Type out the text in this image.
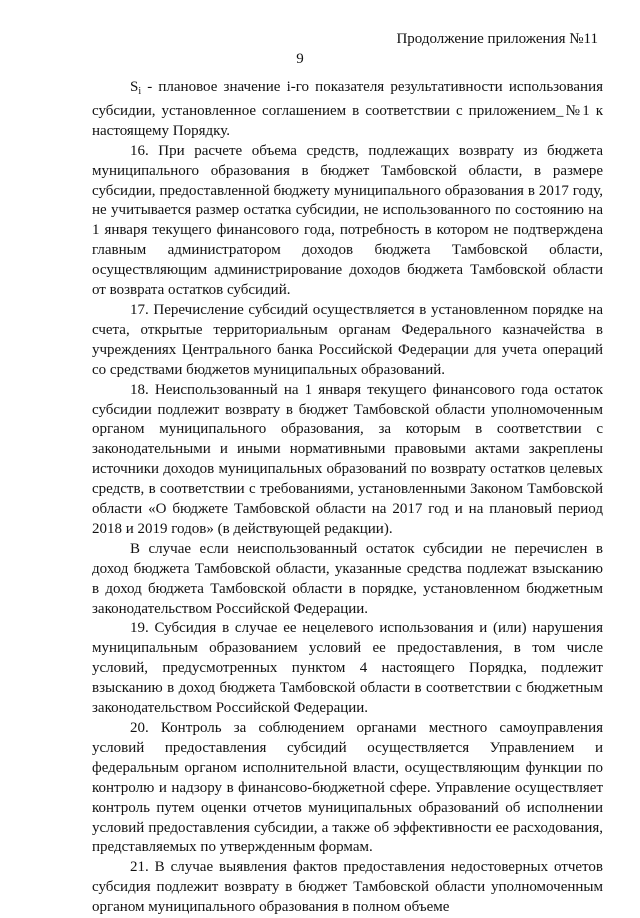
Продолжение приложения №11
9

$S_i$ - плановое значение i-го показателя результативности использования субсидии, установленное соглашением в соответствии с приложением_№1 к настоящему Порядку.

16. При расчете объема средств, подлежащих возврату из бюджета муниципального образования в бюджет Тамбовской области, в размере субсидии, предоставленной бюджету муниципального образования в 2017 году, не учитывается размер остатка субсидии, не использованного по состоянию на 1 января текущего финансового года, потребность в котором не подтверждена главным администратором доходов бюджета Тамбовской области, осуществляющим администрирование доходов бюджета Тамбовской области от возврата остатков субсидий.

17. Перечисление субсидий осуществляется в установленном порядке на счета, открытые территориальным органам Федерального казначейства в учреждениях Центрального банка Российской Федерации для учета операций со средствами бюджетов муниципальных образований.

18. Неиспользованный на 1 января текущего финансового года остаток субсидии подлежит возврату в бюджет Тамбовской области уполномоченным органом муниципального образования, за которым в соответствии с законодательными и иными нормативными правовыми актами закреплены источники доходов муниципальных образований по возврату остатков целевых средств, в соответствии с требованиями, установленными Законом Тамбовской области «О бюджете Тамбовской области на 2017 год и на плановый период 2018 и 2019 годов» (в действующей редакции).

В случае если неиспользованный остаток субсидии не перечислен в доход бюджета Тамбовской области, указанные средства подлежат взысканию в доход бюджета Тамбовской области в порядке, установленном бюджетным законодательством Российской Федерации.

19. Субсидия в случае ее нецелевого использования и (или) нарушения муниципальным образованием условий ее предоставления, в том числе условий, предусмотренных пунктом 4 настоящего Порядка, подлежит взысканию в доход бюджета Тамбовской области в соответствии с бюджетным законодательством Российской Федерации.

20. Контроль за соблюдением органами местного самоуправления условий предоставления субсидий осуществляется Управлением и федеральным органом исполнительной власти, осуществляющим функции по контролю и надзору в финансово-бюджетной сфере. Управление осуществляет контроль путем оценки отчетов муниципальных образований об исполнении условий предоставления субсидии, а также об эффективности ее расходования, представляемых по утвержденным формам.

21. В случае выявления фактов предоставления недостоверных отчетов субсидия подлежит возврату в бюджет Тамбовской области уполномоченным органом муниципального образования в полном объеме
